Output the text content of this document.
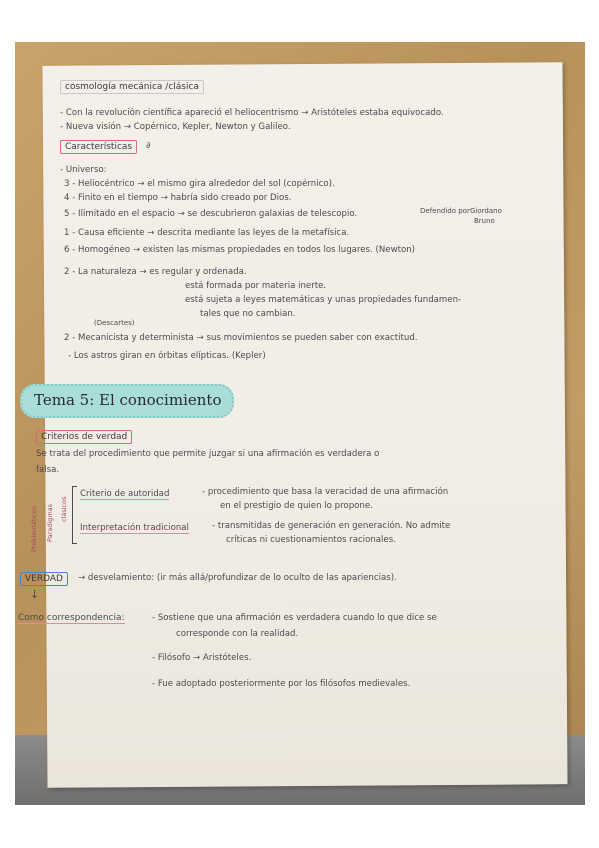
cosmología mecánica /clásica
- Con la revolución científica apareció el heliocentrismo → Aristóteles estaba equivocado.
- Nueva visión → Copérnico, Kepler, Newton y Galileo.
Características	∂
- Universo:
3 - Heliocéntrico → el mismo gira alrededor del sol (copérnico).
4 - Finito en el tiempo → habría sido creado por Dios.
5 - Ilimitado en el espacio → se descubrieron galaxias de telescopio.	Defendido por Giordano
Bruno
1 - Causa eficiente → descrita mediante las leyes de la metafísica.
6 - Homogéneo → existen las mismas propiedades en todos los lugares. (Newton)
2 - La naturaleza → es regular y ordenada.
está formada por materia inerte.
está sujeta a leyes matemáticas y unas propiedades fundamen-
tales que no cambian.
(Descartes)
2 - Mecanicista y determinista → sus movimientos se pueden saber con exactitud.
- Los astros giran en órbitas elípticas. (Kepler)
Tema 5: El conocimiento
Criterios de verdad
Se trata del procedimiento que permite juzgar si una afirmación es verdadera o
falsa.
Problemáticos Paradigmas clásicos
Criterio de autoridad	- procedimiento que basa la veracidad de una afirmación
en el prestigio de quien lo propone.
Interpretación tradicional	- transmitidas de generación en generación. No admite
críticas ni cuestionamientos racionales.
VERDAD	→ desvelamiento: (ir más allá/profundizar de lo oculto de las apariencias).
↓
Como correspondencia:	- Sostiene que una afirmación es verdadera cuando lo que dice se
corresponde con la realidad.
- Filósofo → Aristóteles.
- Fue adoptado posteriormente por los filósofos medievales.
